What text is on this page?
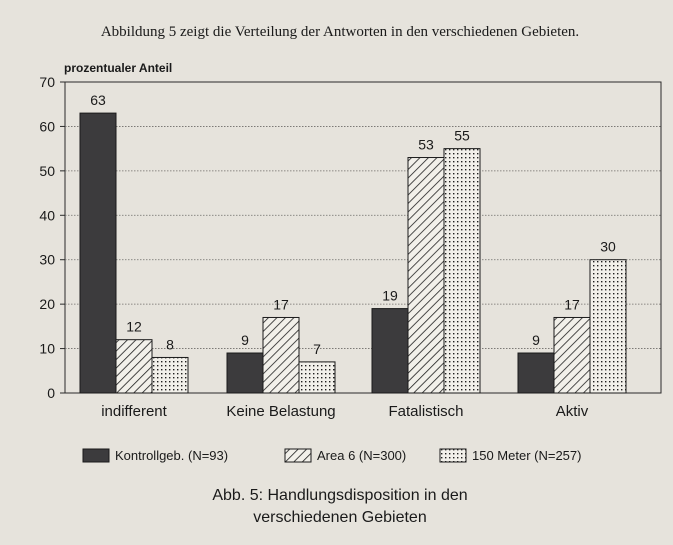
Abbildung 5 zeigt die Verteilung der Antworten in den verschiedenen Gebieten.
prozentualer Anteil
0
10
20
30
40
50
60
70
63
12
8	9
17
7
19
53
55
9
17
30
indifferent	Keine Belastung	Fatalistisch	Aktiv
Kontrollgeb. (N=93)	Area 6 (N=300)	150 Meter (N=257)
Abb. 5: Handlungsdisposition in den
verschiedenen Gebieten
